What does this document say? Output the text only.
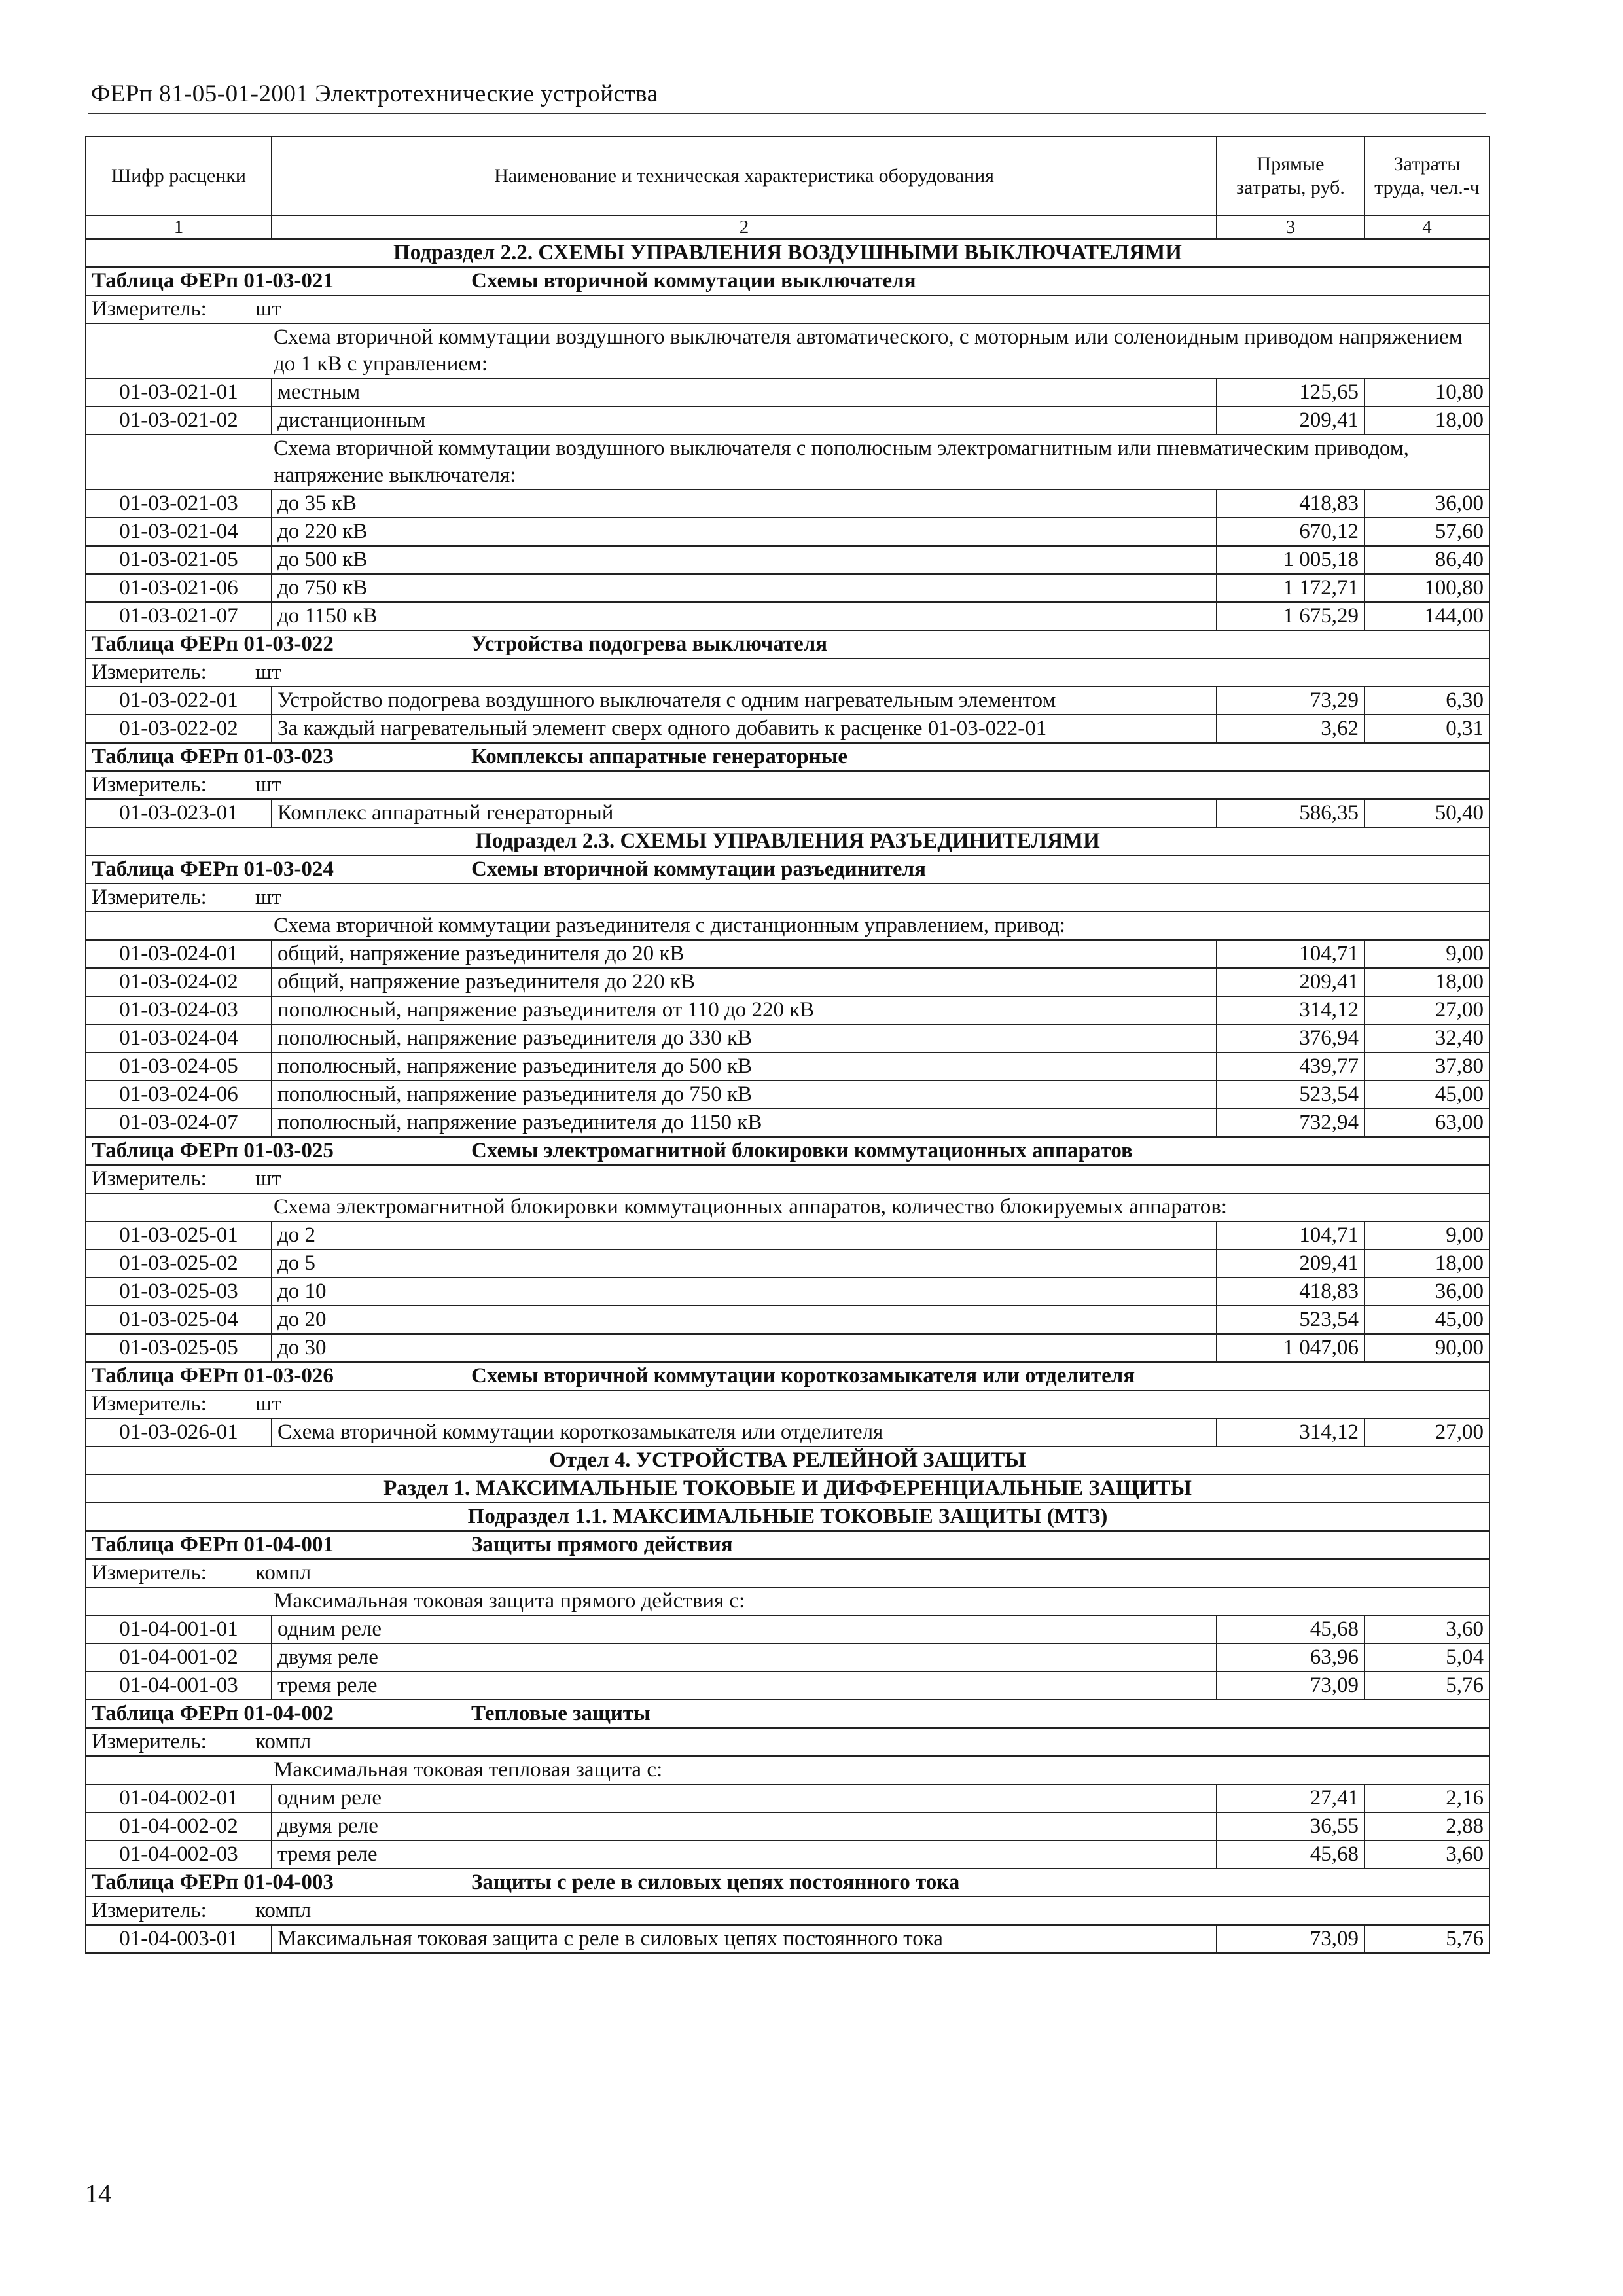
ФЕРп 81-05-01-2001 Электротехнические устройства
Шифр расценки	Наименование и техническая характеристика оборудования	Прямые затраты, руб.	Затраты труда, чел.-ч
1	2	3	4
Подраздел 2.2. СХЕМЫ УПРАВЛЕНИЯ ВОЗДУШНЫМИ ВЫКЛЮЧАТЕЛЯМИ			
Таблица ФЕРп 01-03-021 Схемы вторичной коммутации выключателя			
Измеритель: шт			

Схема вторичной коммутации воздушного выключателя автоматического, с моторным или соленоидным приводом напряжением до 1 кВ с управлением:			

01-03-021-01	местным	125,65	10,80
01-03-021-02	дистанционным	209,41	18,00

Схема вторичной коммутации воздушного выключателя с пополюсным электромагнитным или пневматическим приводом, напряжение выключателя:			

01-03-021-03	до 35 кВ	418,83	36,00
01-03-021-04	до 220 кВ	670,12	57,60
01-03-021-05	до 500 кВ	1 005,18	86,40
01-03-021-06	до 750 кВ	1 172,71	100,80
01-03-021-07	до 1150 кВ	1 675,29	144,00
Таблица ФЕРп 01-03-022 Устройства подогрева выключателя			
Измеритель: шт			
01-03-022-01	Устройство подогрева воздушного выключателя с одним нагревательным элементом	73,29	6,30
01-03-022-02	За каждый нагревательный элемент сверх одного добавить к расценке 01-03-022-01	3,62	0,31
Таблица ФЕРп 01-03-023 Комплексы аппаратные генераторные			
Измеритель: шт			
01-03-023-01	Комплекс аппаратный генераторный	586,35	50,40
Подраздел 2.3. СХЕМЫ УПРАВЛЕНИЯ РАЗЪЕДИНИТЕЛЯМИ			
Таблица ФЕРп 01-03-024 Схемы вторичной коммутации разъединителя			
Измеритель: шт			

Схема вторичной коммутации разъединителя с дистанционным управлением, привод:			

01-03-024-01	общий, напряжение разъединителя до 20 кВ	104,71	9,00
01-03-024-02	общий, напряжение разъединителя до 220 кВ	209,41	18,00
01-03-024-03	пополюсный, напряжение разъединителя от 110 до 220 кВ	314,12	27,00
01-03-024-04	пополюсный, напряжение разъединителя до 330 кВ	376,94	32,40
01-03-024-05	пополюсный, напряжение разъединителя до 500 кВ	439,77	37,80
01-03-024-06	пополюсный, напряжение разъединителя до 750 кВ	523,54	45,00
01-03-024-07	пополюсный, напряжение разъединителя до 1150 кВ	732,94	63,00
Таблица ФЕРп 01-03-025 Схемы электромагнитной блокировки коммутационных аппаратов			
Измеритель: шт			

Схема электромагнитной блокировки коммутационных аппаратов, количество блокируемых аппаратов:			

01-03-025-01	до 2	104,71	9,00
01-03-025-02	до 5	209,41	18,00
01-03-025-03	до 10	418,83	36,00
01-03-025-04	до 20	523,54	45,00
01-03-025-05	до 30	1 047,06	90,00
Таблица ФЕРп 01-03-026 Схемы вторичной коммутации короткозамыкателя или отделителя			
Измеритель: шт			
01-03-026-01	Схема вторичной коммутации короткозамыкателя или отделителя	314,12	27,00
Отдел 4. УСТРОЙСТВА РЕЛЕЙНОЙ ЗАЩИТЫ			
Раздел 1. МАКСИМАЛЬНЫЕ ТОКОВЫЕ И ДИФФЕРЕНЦИАЛЬНЫЕ ЗАЩИТЫ			
Подраздел 1.1. МАКСИМАЛЬНЫЕ ТОКОВЫЕ ЗАЩИТЫ (МТЗ)			
Таблица ФЕРп 01-04-001 Защиты прямого действия			
Измеритель: компл			

Максимальная токовая защита прямого действия с:			

01-04-001-01	одним реле	45,68	3,60
01-04-001-02	двумя реле	63,96	5,04
01-04-001-03	тремя реле	73,09	5,76
Таблица ФЕРп 01-04-002 Тепловые защиты			
Измеритель: компл			

Максимальная токовая тепловая защита с:			

01-04-002-01	одним реле	27,41	2,16
01-04-002-02	двумя реле	36,55	2,88
01-04-002-03	тремя реле	45,68	3,60
Таблица ФЕРп 01-04-003 Защиты с реле в силовых цепях постоянного тока			
Измеритель: компл			
01-04-003-01	Максимальная токовая защита с реле в силовых цепях постоянного тока	73,09	5,76
14
